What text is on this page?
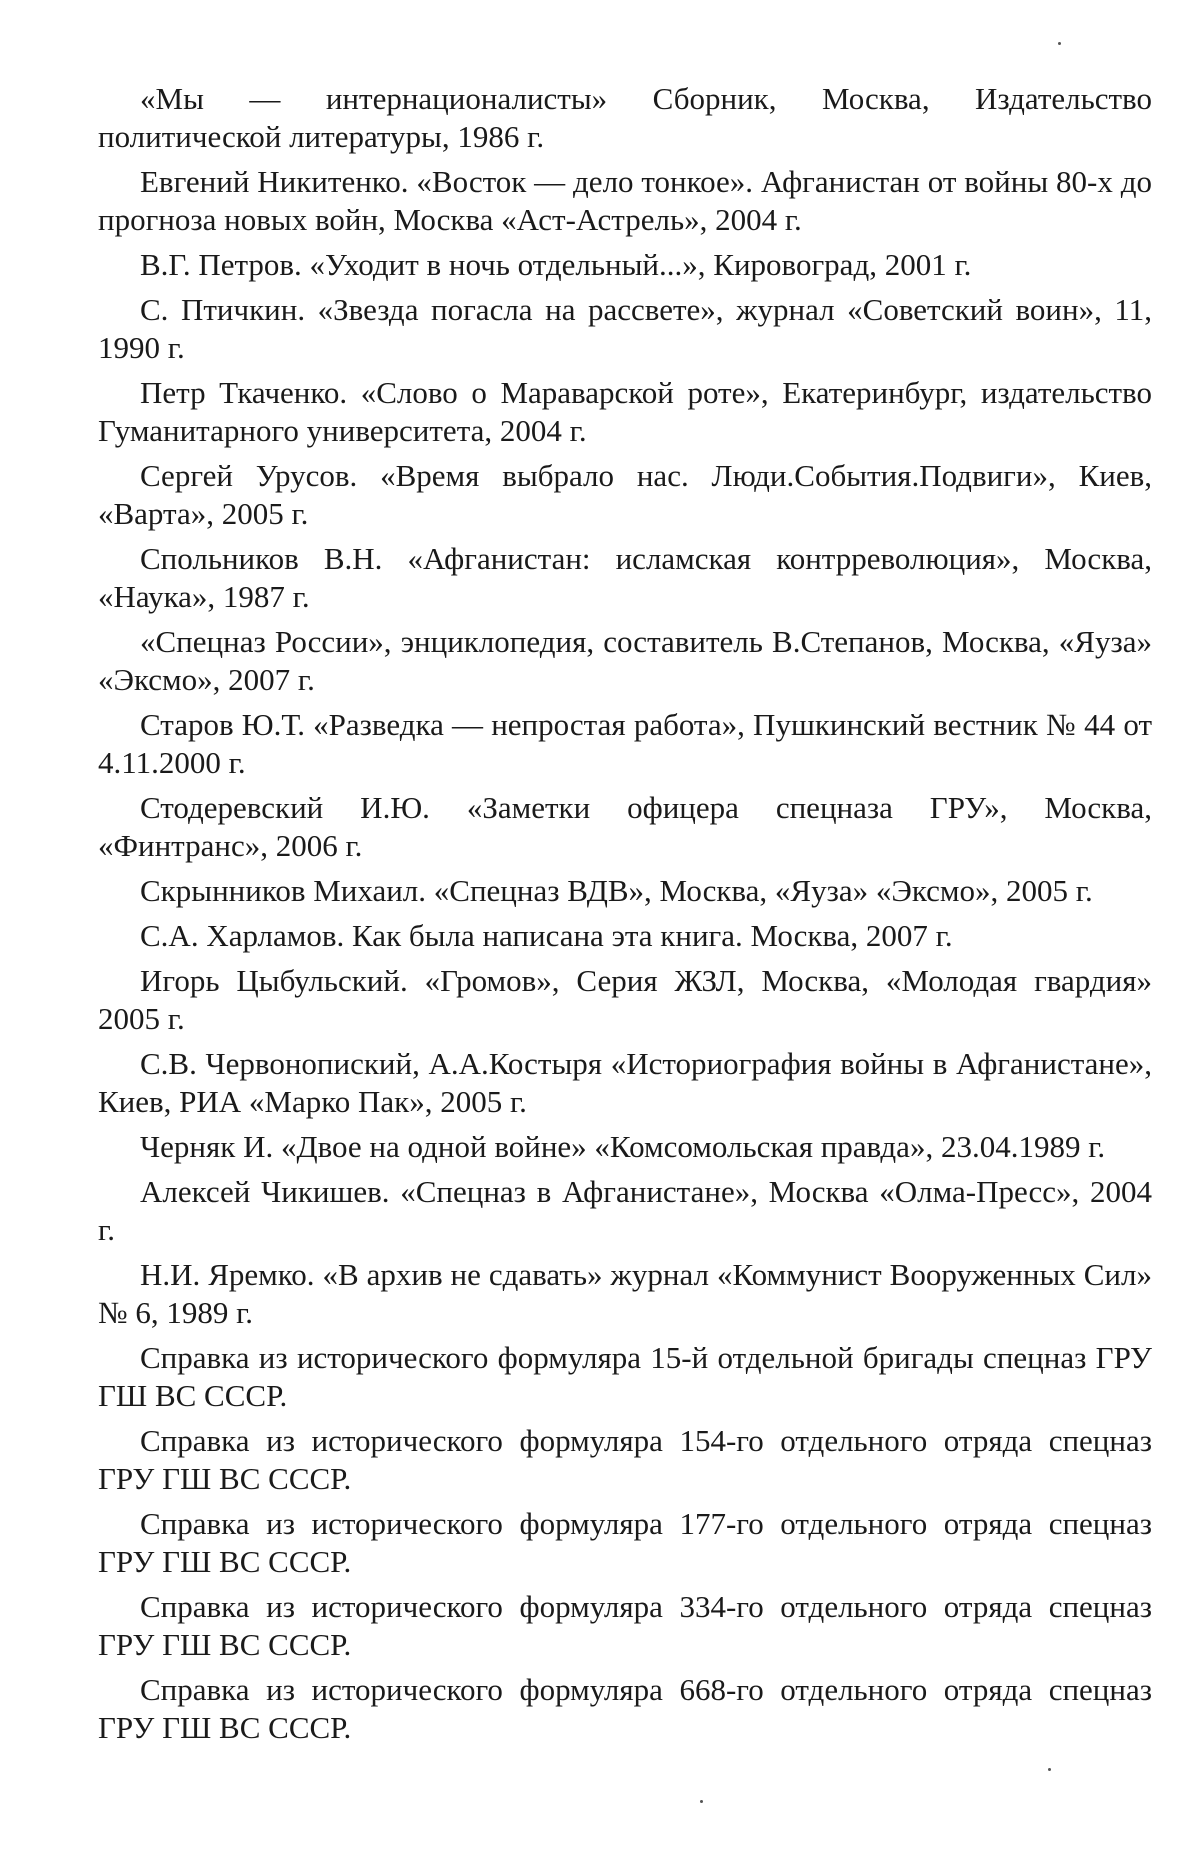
«Мы — интернационалисты» Сборник, Москва, Издательство политической литературы, 1986 г.
Евгений Никитенко. «Восток — дело тонкое». Афганистан от войны 80-х до прогноза новых войн, Москва «Аст-Астрель», 2004 г.
В.Г. Петров. «Уходит в ночь отдельный...», Кировоград, 2001 г.
С. Птичкин. «Звезда погасла на рассвете», журнал «Советский воин», 11, 1990 г.
Петр Ткаченко. «Слово о Мараварской роте», Екатеринбург, издательство Гуманитарного университета, 2004 г.
Сергей Урусов. «Время выбрало нас. Люди.События.Подвиги», Киев, «Варта», 2005 г.
Спольников В.Н. «Афганистан: исламская контрреволюция», Москва, «Наука», 1987 г.
«Спецназ России», энциклопедия, составитель В.Степанов, Москва, «Яуза» «Эксмо», 2007 г.
Старов Ю.Т. «Разведка — непростая работа», Пушкинский вестник № 44 от 4.11.2000 г.
Стодеревский И.Ю. «Заметки офицера спецназа ГРУ», Москва, «Финтранс», 2006 г.
Скрынников Михаил. «Спецназ ВДВ», Москва, «Яуза» «Эксмо», 2005 г.
С.А. Харламов. Как была написана эта книга. Москва, 2007 г.
Игорь Цыбульский. «Громов», Серия ЖЗЛ, Москва, «Молодая гвардия» 2005 г.
С.В. Червонопиский, А.А.Костыря «Историография войны в Афганистане», Киев, РИА «Марко Пак», 2005 г.
Черняк И. «Двое на одной войне» «Комсомольская правда», 23.04.1989 г.
Алексей Чикишев. «Спецназ в Афганистане», Москва «Олма-Пресс», 2004 г.
Н.И. Яремко. «В архив не сдавать» журнал «Коммунист Вооруженных Сил» № 6, 1989 г.
Справка из исторического формуляра 15-й отдельной бригады спецназ ГРУ ГШ ВС СССР.
Справка из исторического формуляра 154-го отдельного отряда спецназ ГРУ ГШ ВС СССР.
Справка из исторического формуляра 177-го отдельного отряда спецназ ГРУ ГШ ВС СССР.
Справка из исторического формуляра 334-го отдельного отряда спецназ ГРУ ГШ ВС СССР.
Справка из исторического формуляра 668-го отдельного отряда спецназ ГРУ ГШ ВС СССР.
